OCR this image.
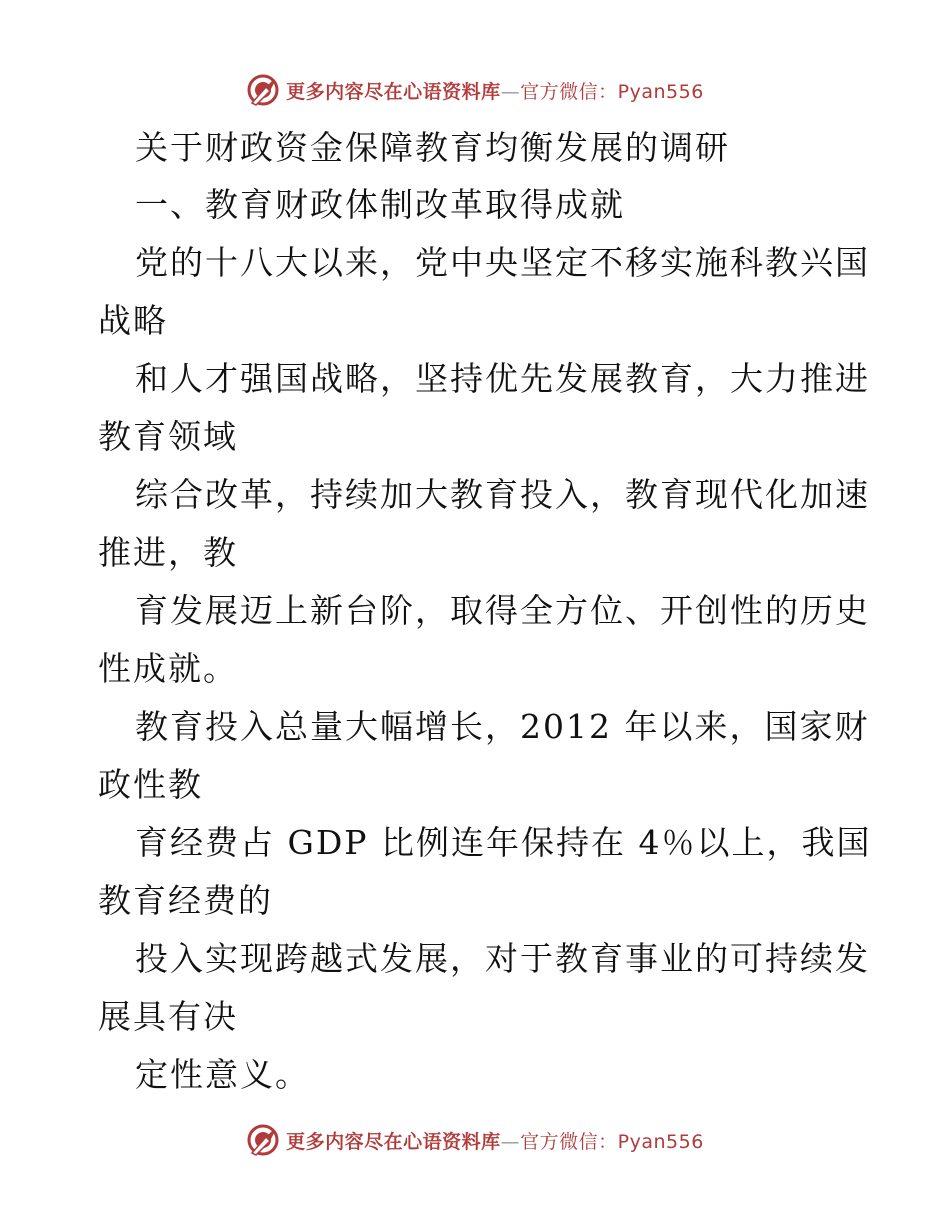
更多内容尽在心语资料库—官方微信：Pyan556
关于财政资金保障教育均衡发展的调研
一、教育财政体制改革取得成就
党的十八大以来，党中央坚定不移实施科教兴国
战略
和人才强国战略，坚持优先发展教育，大力推进
教育领域
综合改革，持续加大教育投入，教育现代化加速
推进，教
育发展迈上新台阶，取得全方位、开创性的历史
性成就。
教育投入总量大幅增长，2012 年以来，国家财
政性教
育经费占 GDP 比例连年保持在 4％以上，我国
教育经费的
投入实现跨越式发展，对于教育事业的可持续发
展具有决
定性意义。
更多内容尽在心语资料库—官方微信：Pyan556
